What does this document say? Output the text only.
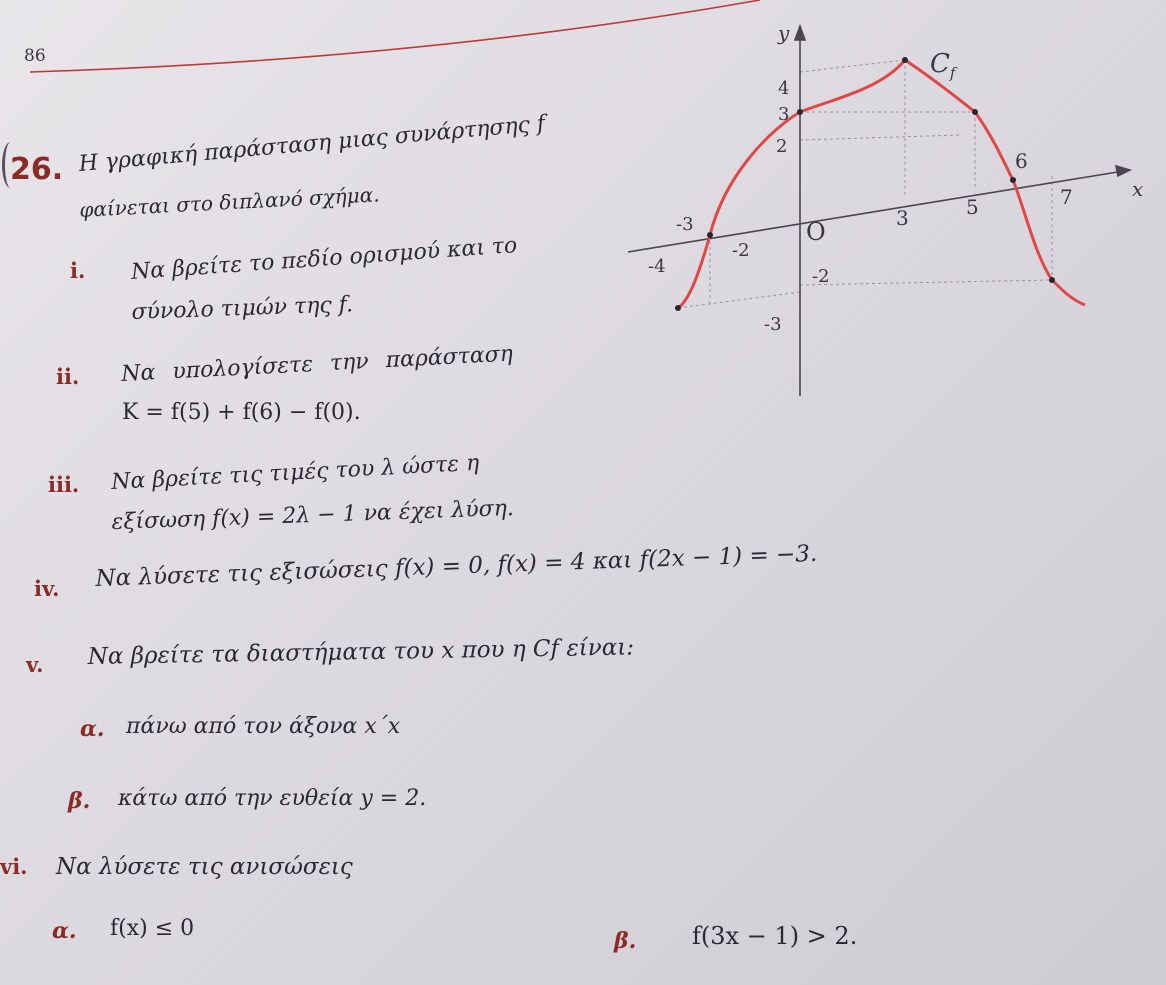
86
26. Η γραφική παράσταση μιας συνάρτησης f
φαίνεται στο διπλανό σχήμα.
i. Να βρείτε το πεδίο ορισμού και το
σύνολο τιμών της f.
ii. Να υπολογίσετε την παράσταση
K = f(5) + f(6) − f(0).
iii. Να βρείτε τις τιμές του λ ώστε η
εξίσωση f(x) = 2λ − 1 να έχει λύση.
iv. Να λύσετε τις εξισώσεις f(x) = 0, f(x) = 4 και f(2x − 1) = −3.
v. Να βρείτε τα διαστήματα του x που η Cf είναι:
α. πάνω από τον άξονα x΄x
β. κάτω από την ευθεία y = 2.
vi. Να λύσετε τις ανισώσεις
α. f(x) ≤ 0	β. f(3x − 1) > 2.
y
x
O
$C_f$
-4
-3
-2
3	5
6
7
4
3
2
-2
-3
